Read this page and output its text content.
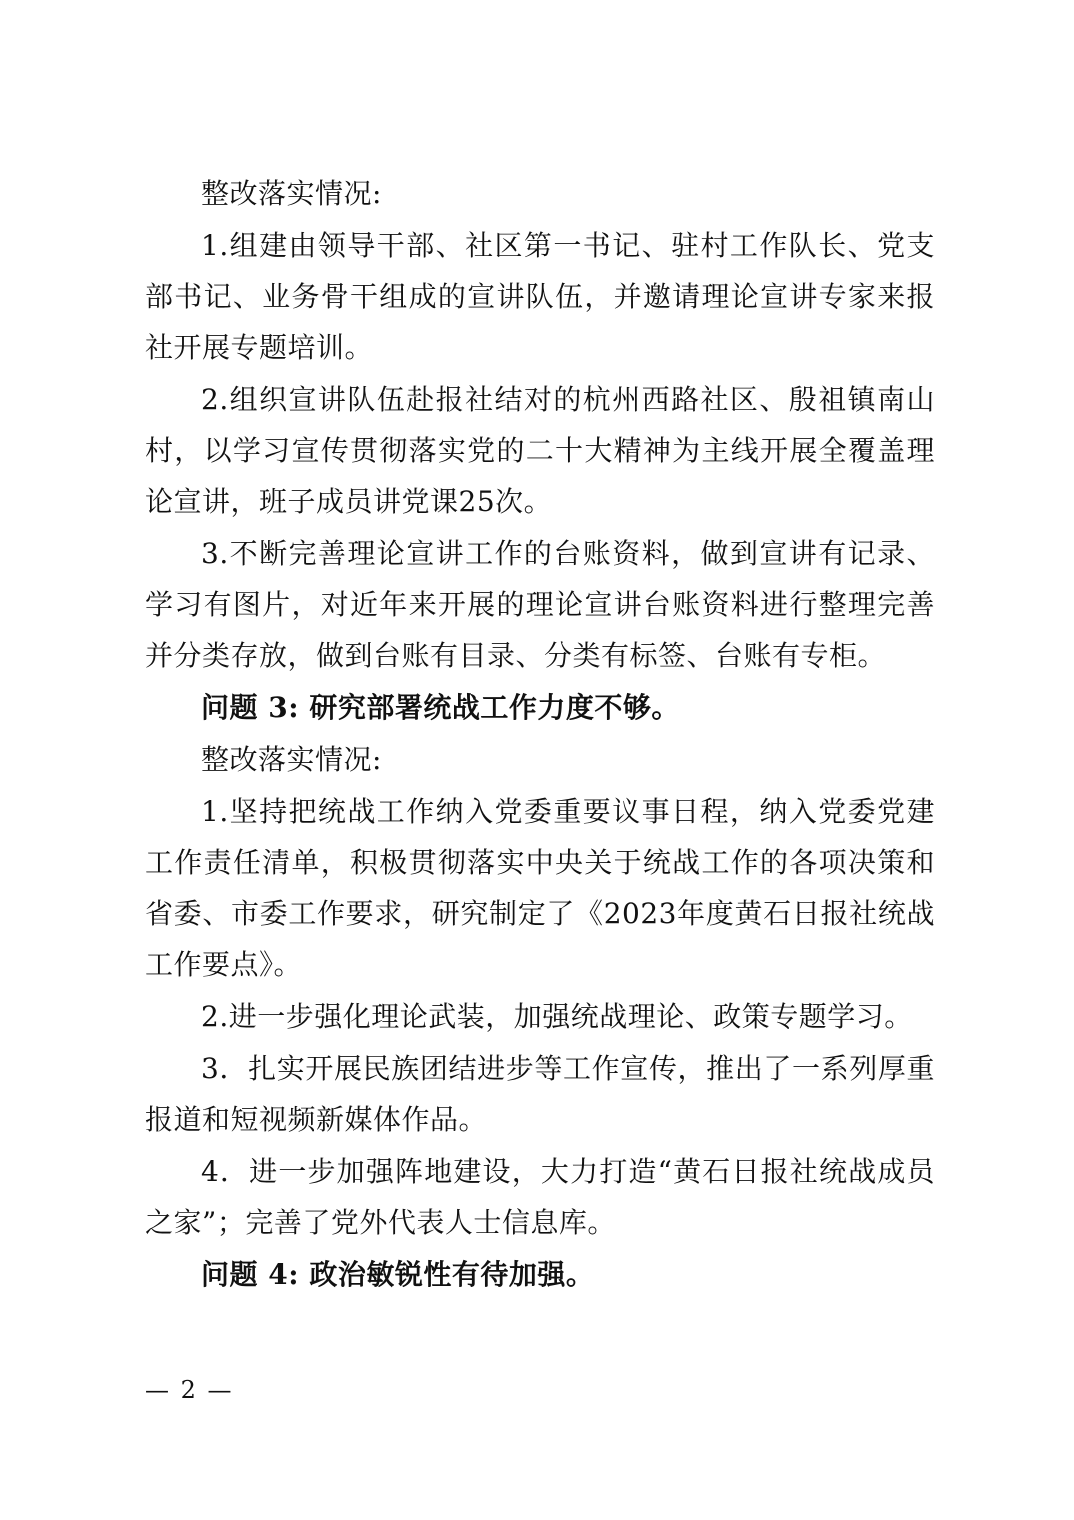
整改落实情况:

1.组建由领导干部、社区第一书记、驻村工作队长、党支部书记、业务骨干组成的宣讲队伍，并邀请理论宣讲专家来报社开展专题培训。

2.组织宣讲队伍赴报社结对的杭州西路社区、殷祖镇南山村，以学习宣传贯彻落实党的二十大精神为主线开展全覆盖理论宣讲，班子成员讲党课25次。

3.不断完善理论宣讲工作的台账资料，做到宣讲有记录、学习有图片，对近年来开展的理论宣讲台账资料进行整理完善并分类存放，做到台账有目录、分类有标签、台账有专柜。

问题 3: 研究部署统战工作力度不够。

整改落实情况:

1.坚持把统战工作纳入党委重要议事日程，纳入党委党建工作责任清单，积极贯彻落实中央关于统战工作的各项决策和省委、市委工作要求，研究制定了《2023年度黄石日报社统战工作要点》。

2.进一步强化理论武装，加强统战理论、政策专题学习。

3．扎实开展民族团结进步等工作宣传，推出了一系列厚重报道和短视频新媒体作品。

4．进一步加强阵地建设，大力打造“黄石日报社统战成员之家”；完善了党外代表人士信息库。

问题 4: 政治敏锐性有待加强。

— 2 —
